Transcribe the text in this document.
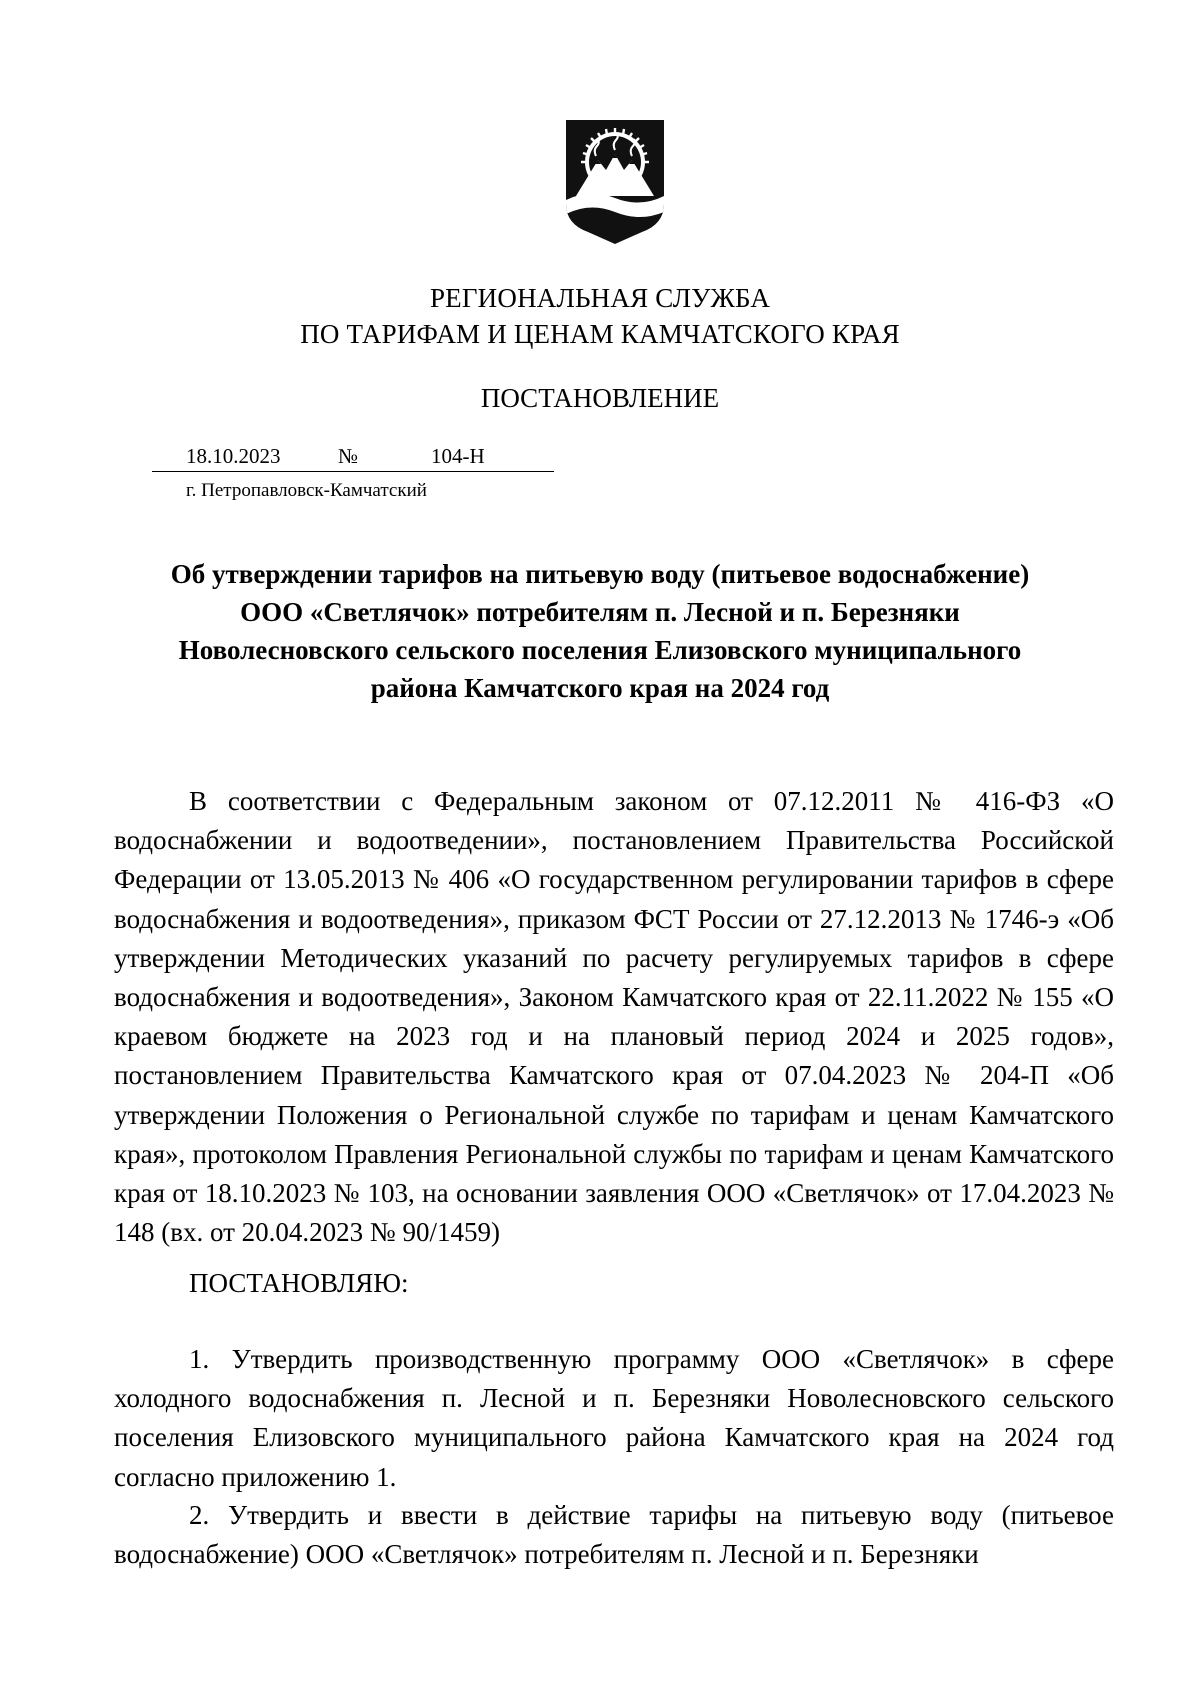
РЕГИОНАЛЬНАЯ СЛУЖБА
ПО ТАРИФАМ И ЦЕНАМ КАМЧАТСКОГО КРАЯ
ПОСТАНОВЛЕНИЕ
18.10.2023	№	104-Н
г. Петропавловск-Камчатский
Об утверждении тарифов на питьевую воду (питьевое водоснабжение)
ООО «Светлячок» потребителям п. Лесной и п. Березняки
Новолесновского сельского поселения Елизовского муниципального
района Камчатского края на 2024 год
В соответствии с Федеральным законом от 07.12.2011 № 416-ФЗ «О водоснабжении и водоотведении», постановлением Правительства Российской Федерации от 13.05.2013 № 406 «О государственном регулировании тарифов в сфере водоснабжения и водоотведения», приказом ФСТ России от 27.12.2013 № 1746-э «Об утверждении Методических указаний по расчету регулируемых тарифов в сфере водоснабжения и водоотведения», Законом Камчатского края от 22.11.2022 № 155 «О краевом бюджете на 2023 год и на плановый период 2024 и 2025 годов», постановлением Правительства Камчатского края от 07.04.2023 № 204-П «Об утверждении Положения о Региональной службе по тарифам и ценам Камчатского края», протоколом Правления Региональной службы по тарифам и ценам Камчатского края от 18.10.2023 № 103, на основании заявления ООО «Светлячок» от 17.04.2023 № 148 (вх. от 20.04.2023 № 90/1459)
ПОСТАНОВЛЯЮ:
1. Утвердить производственную программу ООО «Светлячок» в сфере холодного водоснабжения п. Лесной и п. Березняки Новолесновского сельского поселения Елизовского муниципального района Камчатского края на 2024 год согласно приложению 1.
2. Утвердить и ввести в действие тарифы на питьевую воду (питьевое водоснабжение) ООО «Светлячок» потребителям п. Лесной и п. Березняки
